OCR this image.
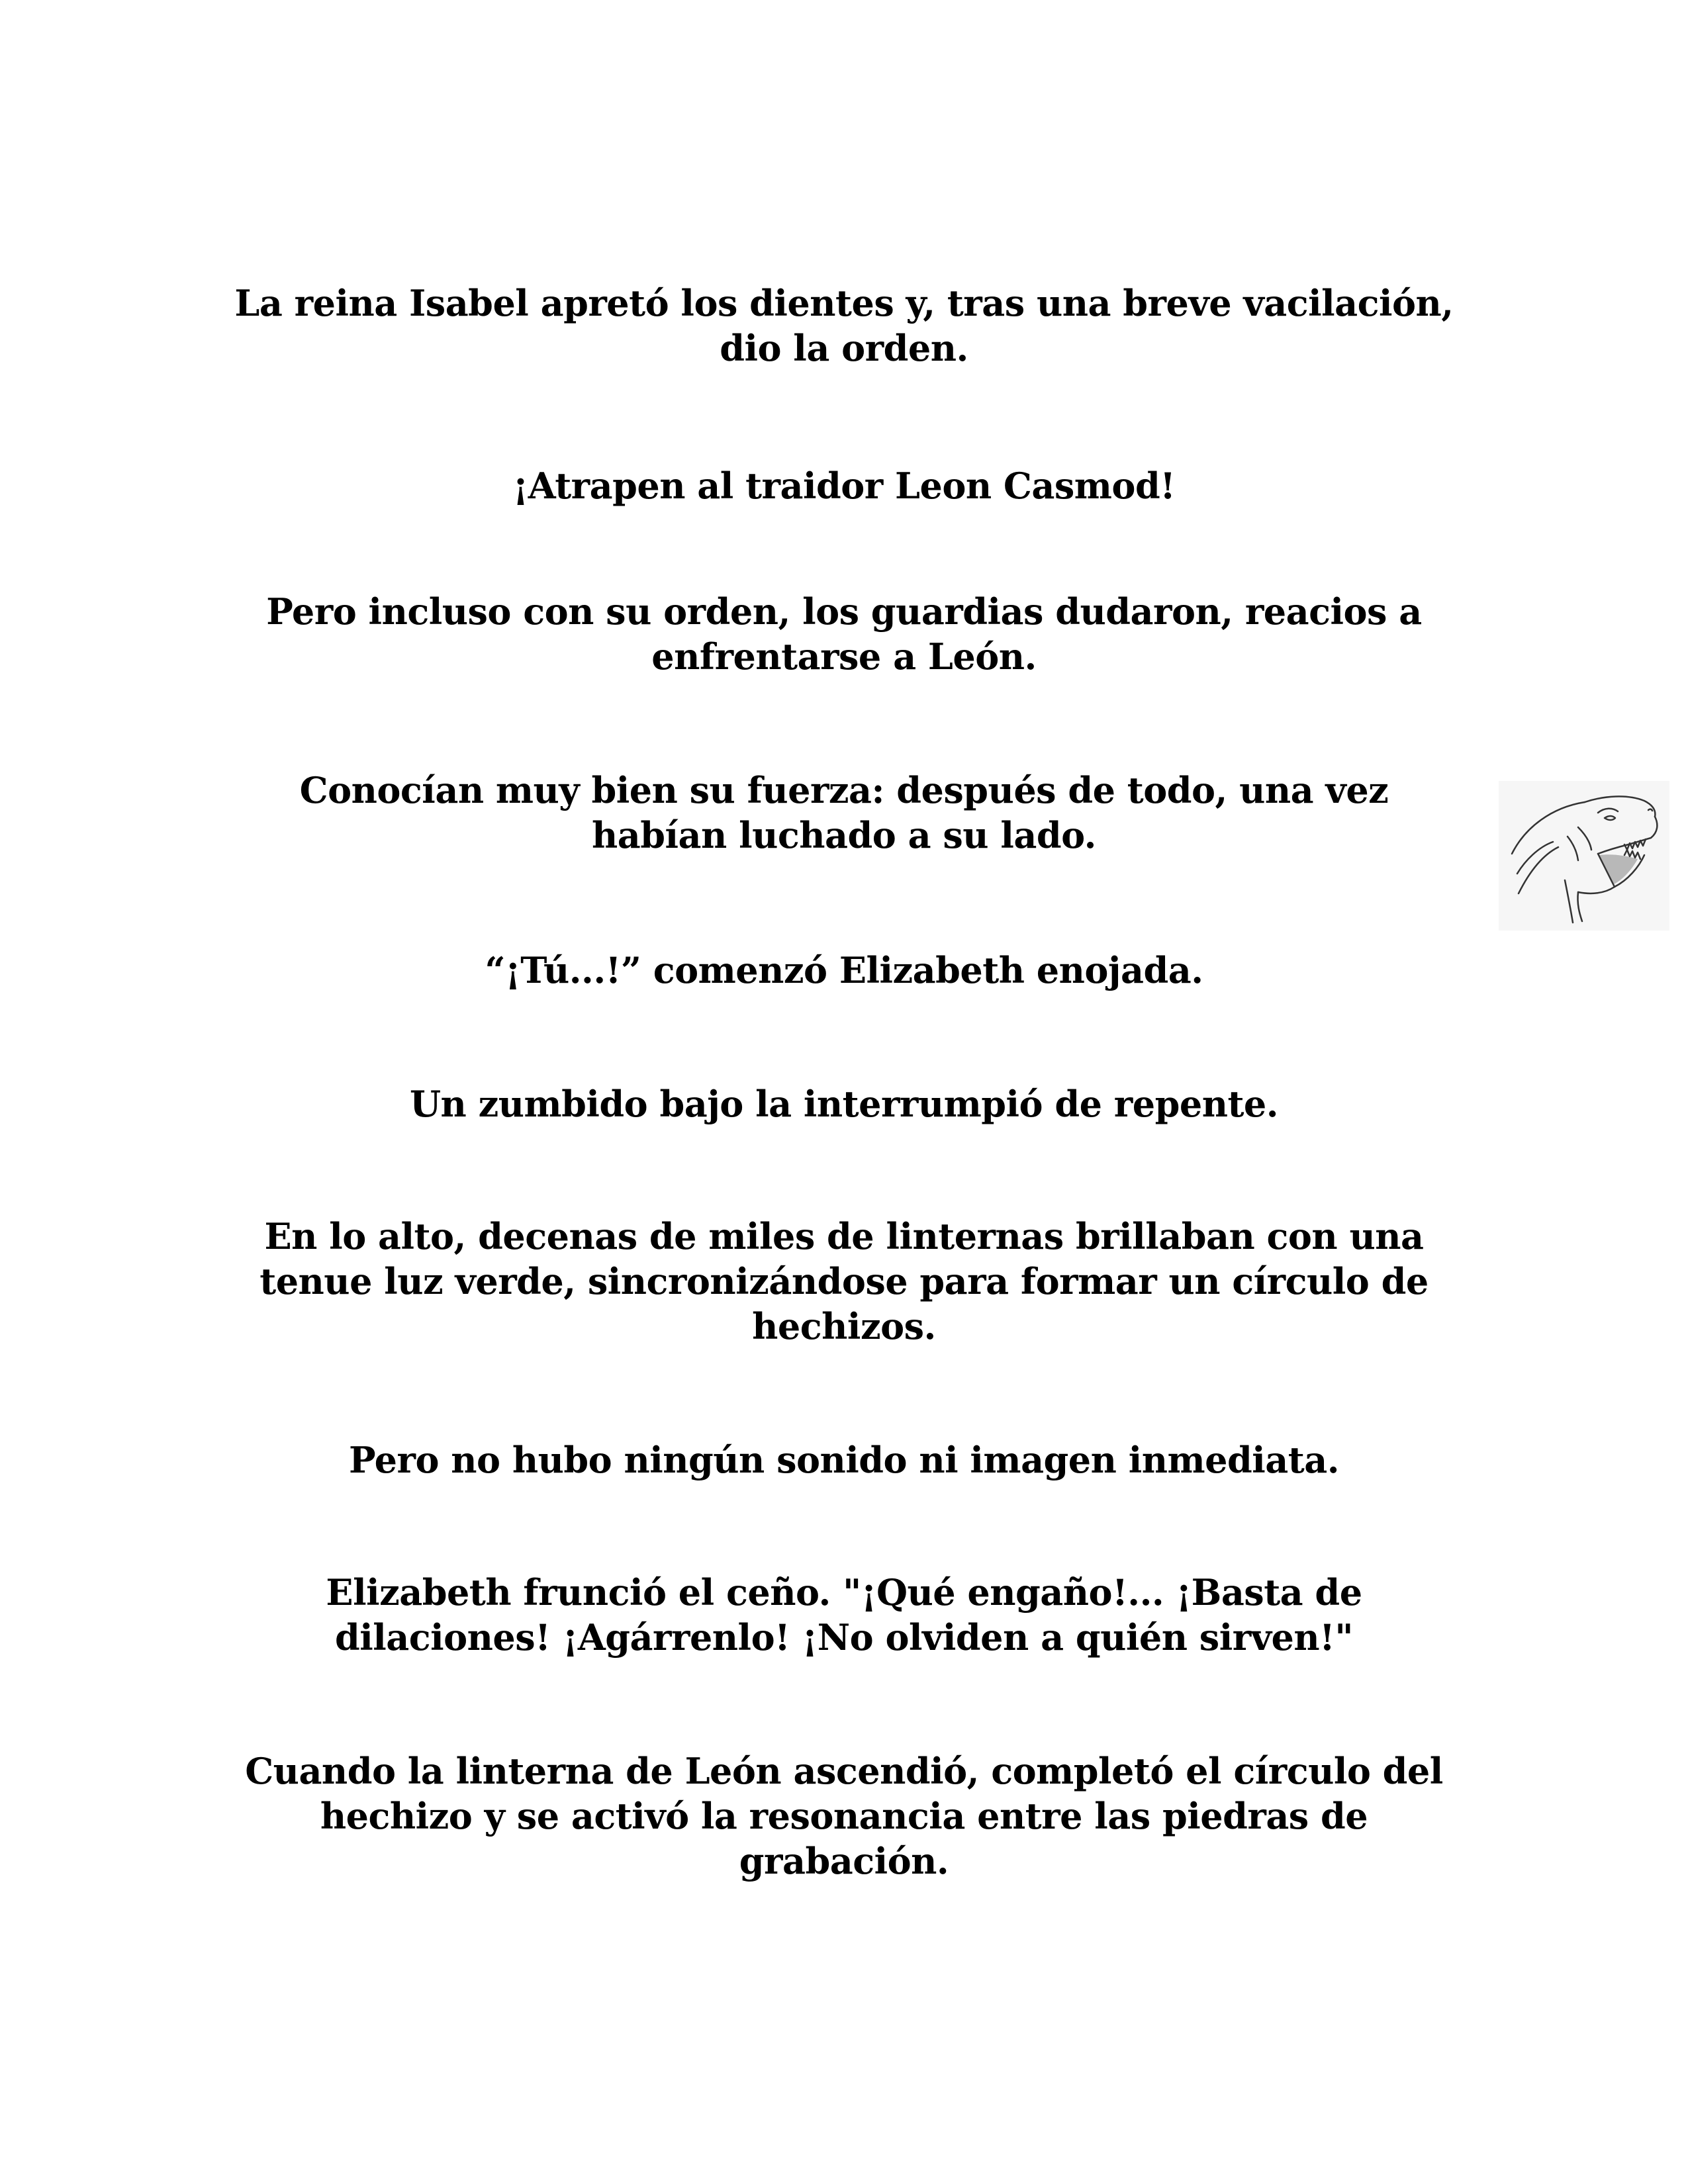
La reina Isabel apretó los dientes y, tras una breve vacilación, dio la orden.

¡Atrapen al traidor Leon Casmod!

Pero incluso con su orden, los guardias dudaron, reacios a enfrentarse a León.

Conocían muy bien su fuerza: después de todo, una vez habían luchado a su lado.

“¡Tú...!” comenzó Elizabeth enojada.

Un zumbido bajo la interrumpió de repente.

En lo alto, decenas de miles de linternas brillaban con una tenue luz verde, sincronizándose para formar un círculo de hechizos.

Pero no hubo ningún sonido ni imagen inmediata.

Elizabeth frunció el ceño. "¡Qué engaño!... ¡Basta de dilaciones! ¡Agárrenlo! ¡No olviden a quién sirven!"

Cuando la linterna de León ascendió, completó el círculo del hechizo y se activó la resonancia entre las piedras de grabación.
